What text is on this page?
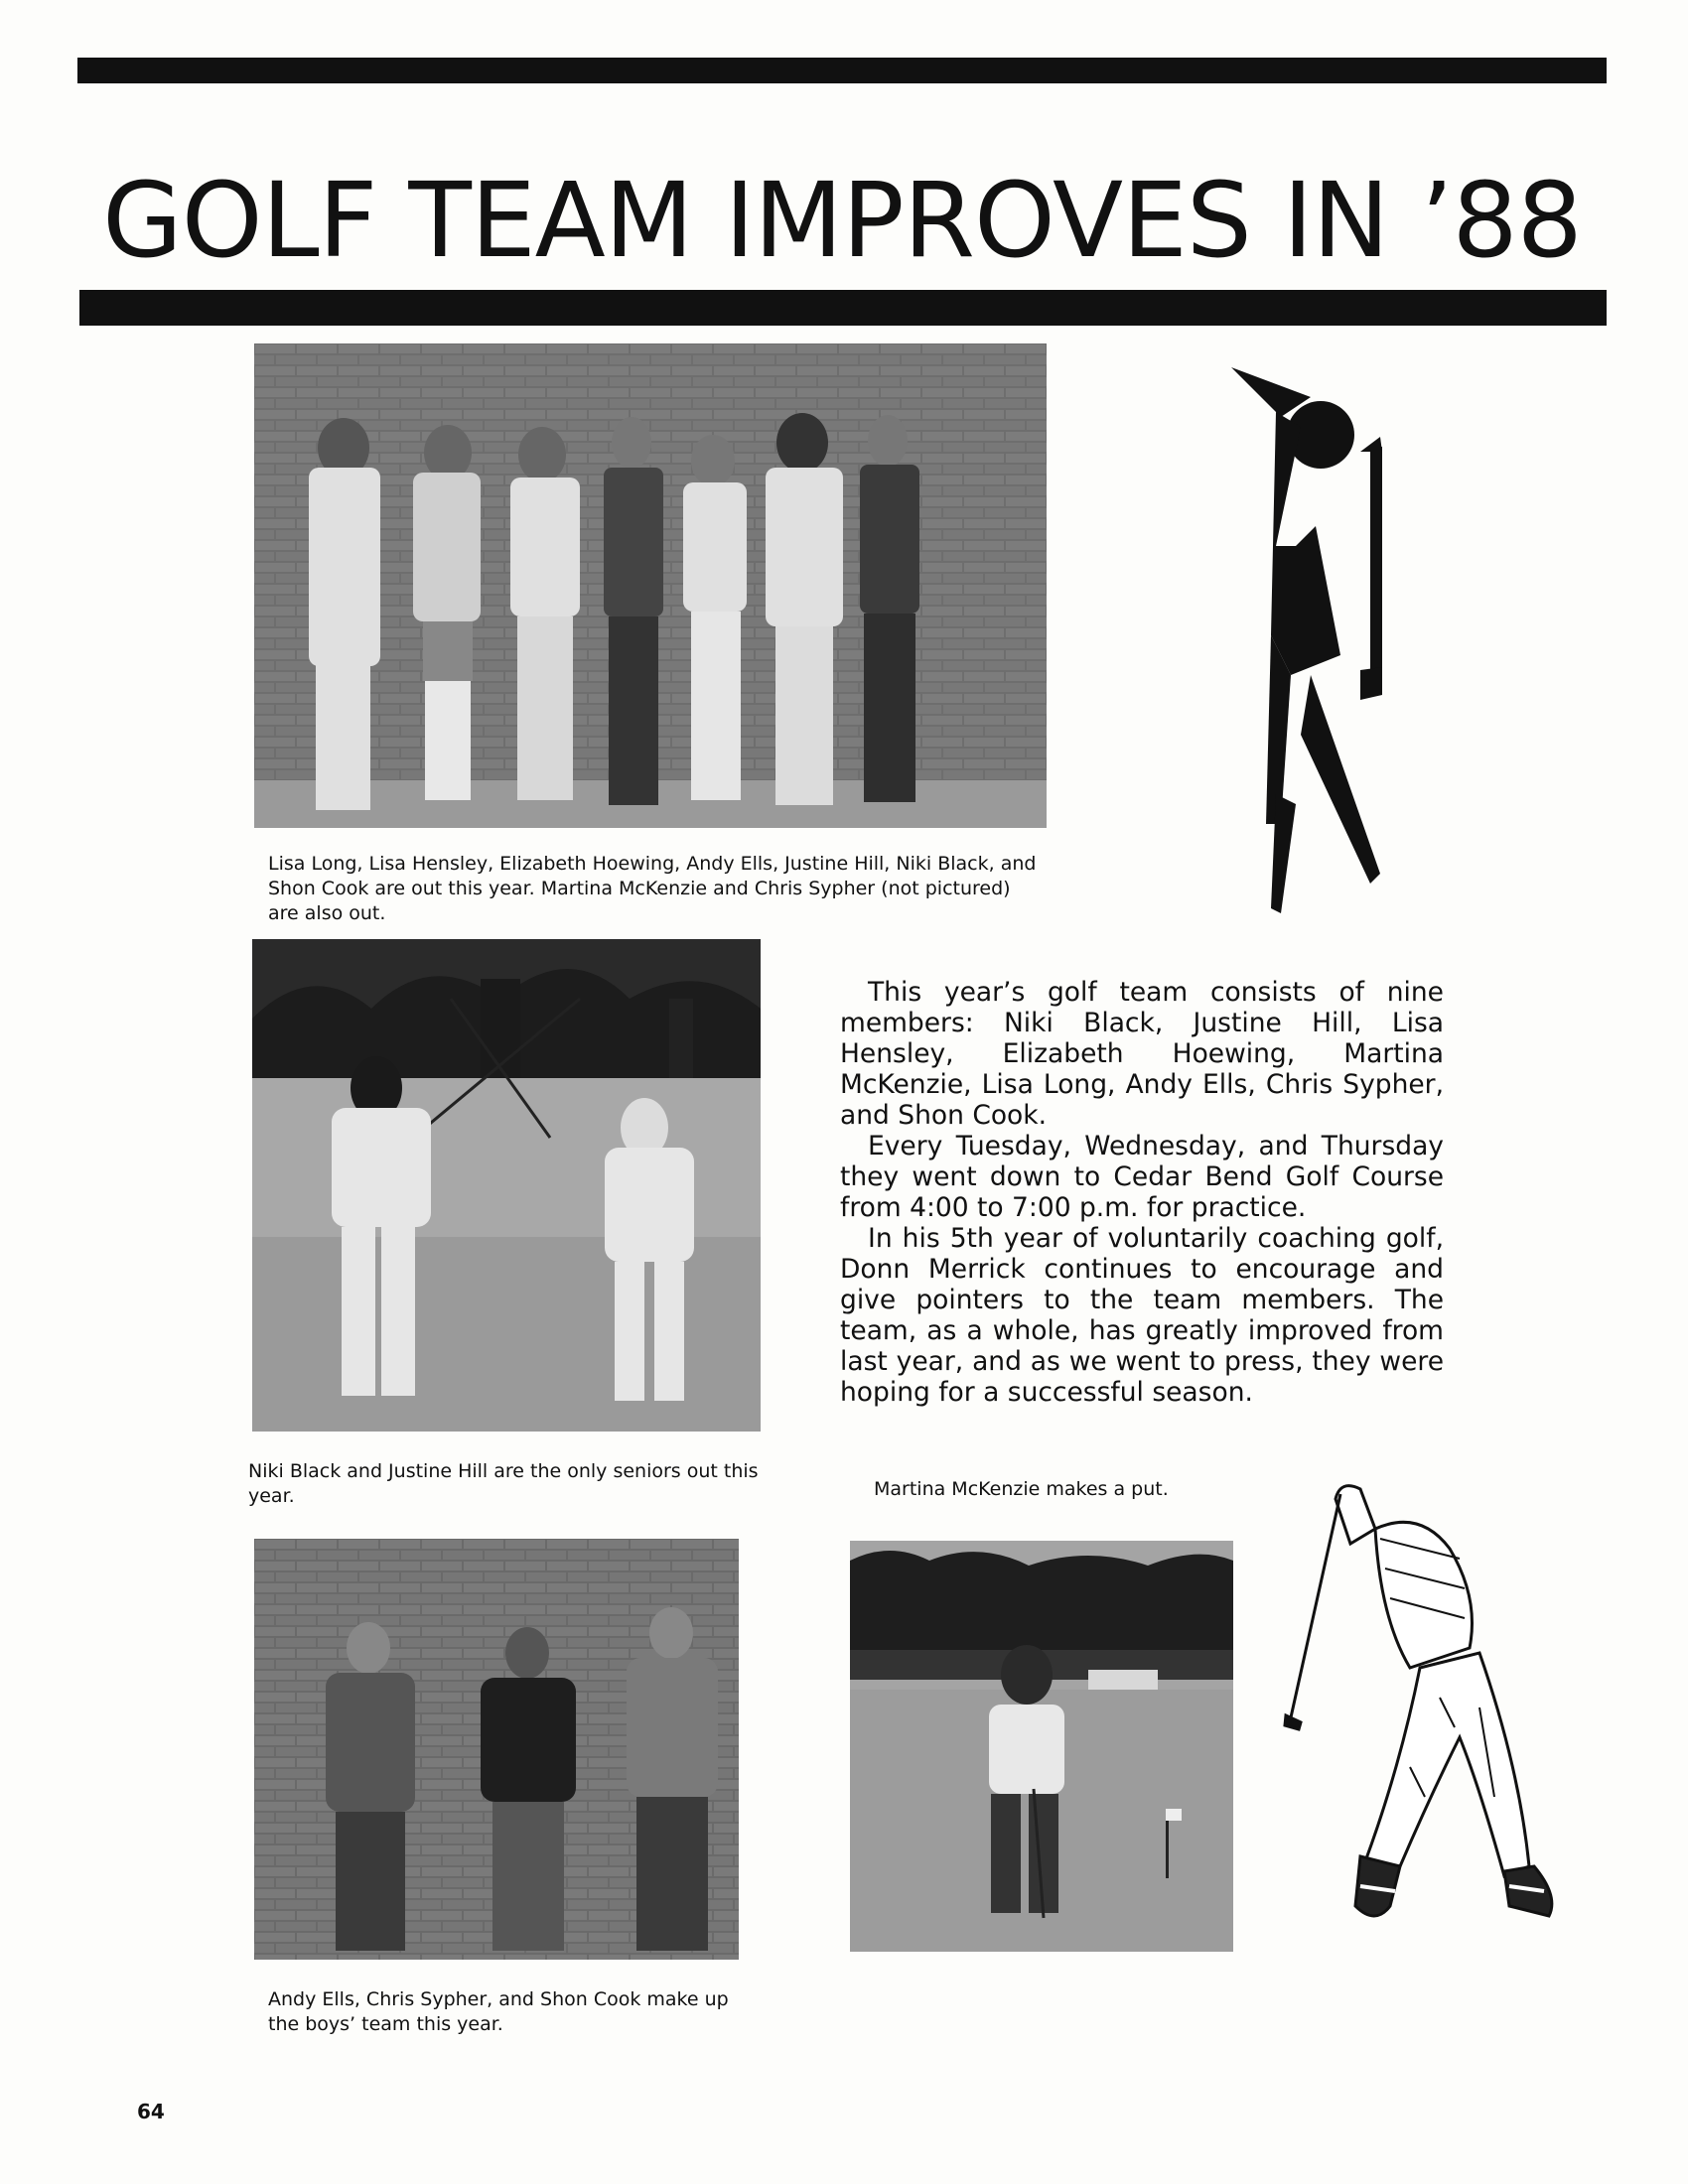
GOLF TEAM IMPROVES IN ’88

Lisa Long, Lisa Hensley, Elizabeth Hoewing, Andy Ells, Justine Hill, Niki Black, and Shon Cook are out this year. Martina McKenzie and Chris Sypher (not pictured) are also out.

Niki Black and Justine Hill are the only seniors out this year.

This year’s golf team consists of nine members: Niki Black, Justine Hill, Lisa Hensley, Elizabeth Hoewing, Martina McKenzie, Lisa Long, Andy Ells, Chris Sypher, and Shon Cook.

Every Tuesday, Wednesday, and Thursday they went down to Cedar Bend Golf Course from 4:00 to 7:00 p.m. for practice.

In his 5th year of voluntarily coaching golf, Donn Merrick continues to encourage and give pointers to the team members. The team, as a whole, has greatly improved from last year, and as we went to press, they were hoping for a successful season.

Martina McKenzie makes a put.

Andy Ells, Chris Sypher, and Shon Cook make up the boys’ team this year.

64
